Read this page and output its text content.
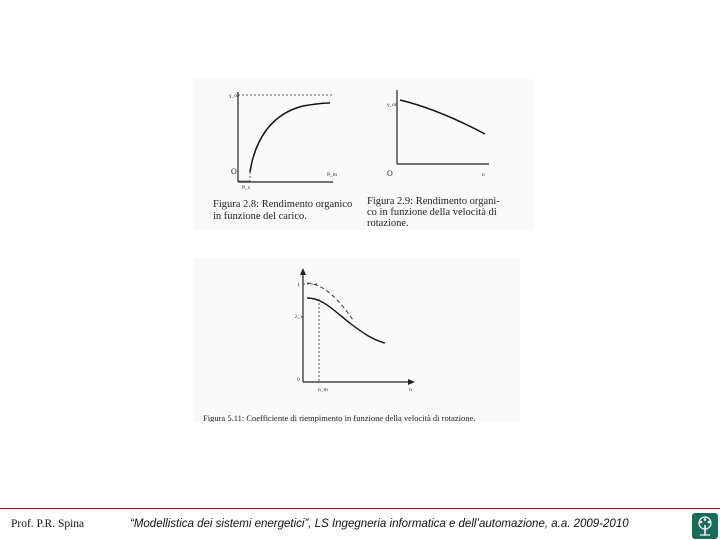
γ_or
O	P_m
P_s
Figura 2.8: Rendimento organico
in funzione del carico.
γ_or
O	n
Figura 2.9: Rendimento organi-
co in funzione della velocità di
rotazione.
1
λ_v
0
n
n_m
Figura 5.11: Coefficiente di riempimento in funzione della velocità di rotazione.
Prof. P.R. Spina	“Modellistica dei sistemi energetici”, LS Ingegneria informatica e dell’automazione, a.a. 2009-2010
